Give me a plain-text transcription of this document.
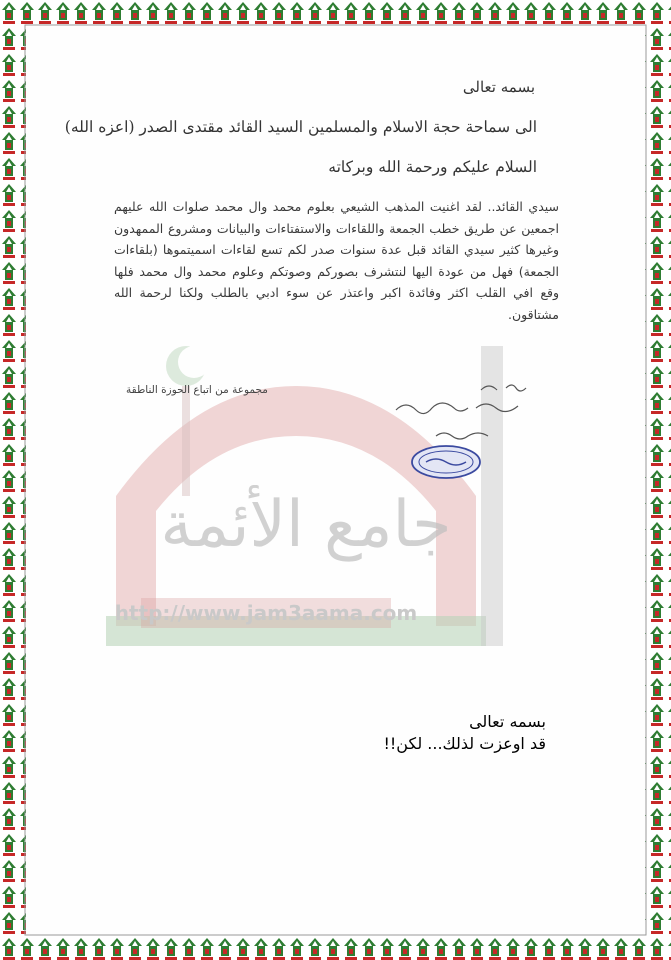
جامع الأئمة
http://www.jam3aama.com
بسمه تعالى
الى سماحة حجة الاسلام والمسلمين السيد القائد مقتدى الصدر (اعزه الله)
السلام عليكم ورحمة الله وبركاته
سيدي القائد.. لقد اغنيت المذهب الشيعي بعلوم محمد وال محمد صلوات الله عليهم اجمعين عن طريق خطب الجمعة واللقاءات والاستفتاءات والبيانات ومشروع الممهدون وغيرها كثير سيدي القائد قبل عدة سنوات صدر لكم تسع لقاءات اسميتموها (بلقاءات الجمعة) فهل من عودة اليها لنتشرف بصوركم وصوتكم وعلوم محمد وال محمد فلها وقع افي القلب اكثر وفائدة اكبر واعتذر عن سوء ادبي بالطلب ولكنا لرحمة الله مشتاقون.
مجموعة من اتباع الحوزة الناطقة
بسمه تعالى
قد اوعزت لذلك... لكن!!
